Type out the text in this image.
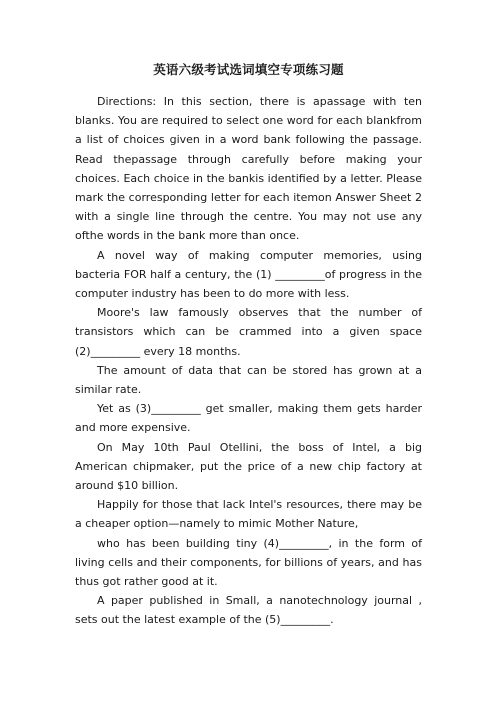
英语六级考试选词填空专项练习题

Directions: In this section, there is apassage with ten blanks. You are required to select one word for each blankfrom a list of choices given in a word bank following the passage. Read thepassage through carefully before making your choices. Each choice in the bankis identified by a letter. Please mark the corresponding letter for each itemon Answer Sheet 2 with a single line through the centre. You may not use any ofthe words in the bank more than once.

A novel way of making computer memories, using bacteria FOR half a century, the (1) _________of progress in the computer industry has been to do more with less.

Moore's law famously observes that the number of transistors which can be crammed into a given space (2)_________ every 18 months.

The amount of data that can be stored has grown at a similar rate.

Yet as (3)_________ get smaller, making them gets harder and more expensive.

On May 10th Paul Otellini, the boss of Intel, a big American chipmaker, put the price of a new chip factory at around $10 billion.

Happily for those that lack Intel's resources, there may be a cheaper option—namely to mimic Mother Nature,

who has been building tiny (4)_________, in the form of living cells and their components, for billions of years, and has thus got rather good at it.

A paper published in Small, a nanotechnology journal , sets out the latest example of the (5)_________.
